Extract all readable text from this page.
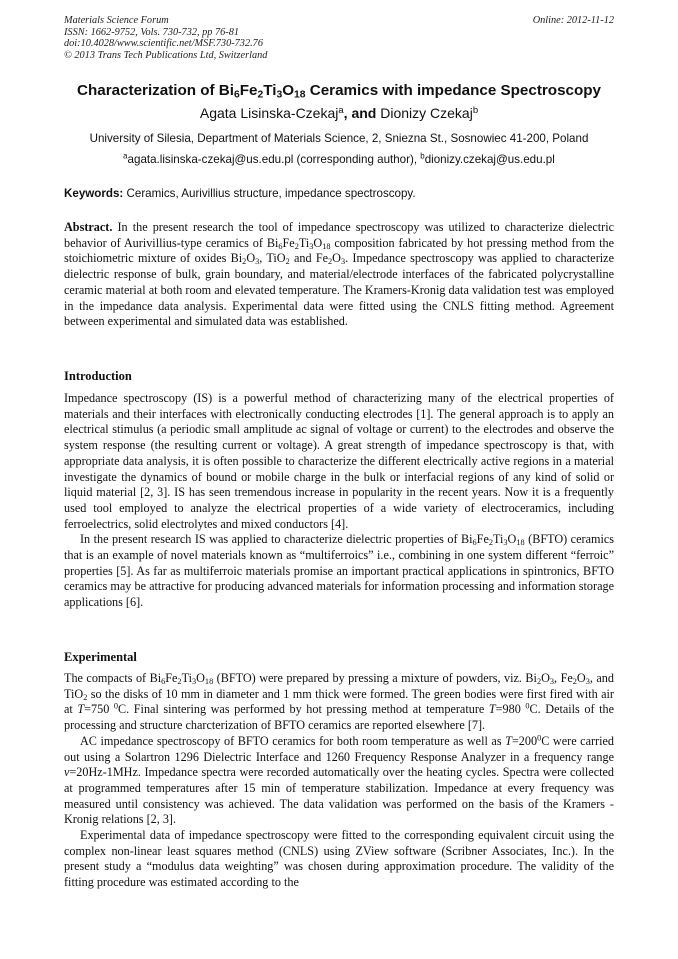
Materials Science Forum
ISSN: 1662-9752, Vols. 730-732, pp 76-81
doi:10.4028/www.scientific.net/MSF.730-732.76
© 2013 Trans Tech Publications Ltd, Switzerland
Online: 2012-11-12
Characterization of $Bi_6Fe_2Ti_3O_{18}$ Ceramics with impedance Spectroscopy
Agata Lisinska-Czekaj$^a$, and Dionizy Czekaj$^b$
University of Silesia, Department of Materials Science, 2, Sniezna St., Sosnowiec 41-200, Poland
$^a$agata.lisinska-czekaj@us.edu.pl (corresponding author), $^b$dionizy.czekaj@us.edu.pl
Keywords: Ceramics, Aurivillius structure, impedance spectroscopy.

Abstract. In the present research the tool of impedance spectroscopy was utilized to characterize dielectric behavior of Aurivillius-type ceramics of $Bi_6Fe_2Ti_3O_{18}$ composition fabricated by hot pressing method from the stoichiometric mixture of oxides $Bi_2O_3$, TiO$_2$ and $Fe_2O_3$. Impedance spectroscopy was applied to characterize dielectric response of bulk, grain boundary, and material/electrode interfaces of the fabricated polycrystalline ceramic material at both room and elevated temperature. The Kramers-Kronig data validation test was employed in the impedance data analysis. Experimental data were fitted using the CNLS fitting method. Agreement between experimental and simulated data was established.

Introduction

Impedance spectroscopy (IS) is a powerful method of characterizing many of the electrical properties of materials and their interfaces with electronically conducting electrodes [1]. The general approach is to apply an electrical stimulus (a periodic small amplitude ac signal of voltage or current) to the electrodes and observe the system response (the resulting current or voltage). A great strength of impedance spectroscopy is that, with appropriate data analysis, it is often possible to characterize the different electrically active regions in a material investigate the dynamics of bound or mobile charge in the bulk or interfacial regions of any kind of solid or liquid material [2, 3]. IS has seen tremendous increase in popularity in the recent years. Now it is a frequently used tool employed to analyze the electrical properties of a wide variety of electroceramics, including ferroelectrics, solid electrolytes and mixed conductors [4].

In the present research IS was applied to characterize dielectric properties of $Bi_6Fe_2Ti_3O_{18}$ (BFTO) ceramics that is an example of novel materials known as “multiferroics” i.e., combining in one system different “ferroic” properties [5]. As far as multiferroic materials promise an important practical applications in spintronics, BFTO ceramics may be attractive for producing advanced materials for information processing and information storage applications [6].

Experimental

The compacts of $Bi_6Fe_2Ti_3O_{18}$ (BFTO) were prepared by pressing a mixture of powders, viz. $Bi_2O_3$, $Fe_2O_3$, and TiO$_2$ so the disks of 10 mm in diameter and 1 mm thick were formed. The green bodies were first fired with air at T=750 $^0$C. Final sintering was performed by hot pressing method at temperature T=980 $^0$C. Details of the processing and structure charcterization of BFTO ceramics are reported elsewhere [7].

AC impedance spectroscopy of BFTO ceramics for both room temperature as well as $T=200^0C$ were carried out using a Solartron 1296 Dielectric Interface and 1260 Frequency Response Analyzer in a frequency range ν=20Hz-1MHz. Impedance spectra were recorded automatically over the heating cycles. Spectra were collected at programmed temperatures after 15 min of temperature stabilization. Impedance at every frequency was measured until consistency was achieved. The data validation was performed on the basis of the Kramers -Kronig relations [2, 3].

Experimental data of impedance spectroscopy were fitted to the corresponding equivalent circuit using the complex non-linear least squares method (CNLS) using ZView software (Scribner Associates, Inc.). In the present study a “modulus data weighting” was chosen during approximation procedure. The validity of the fitting procedure was estimated according to the
